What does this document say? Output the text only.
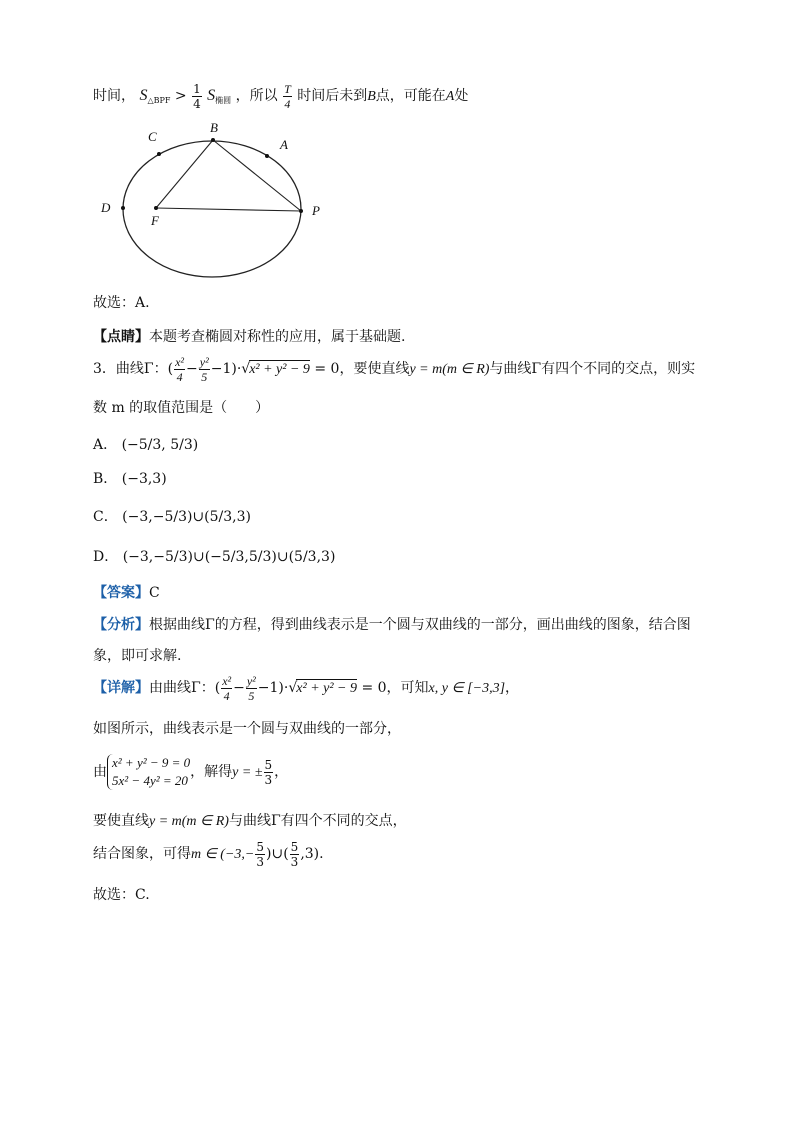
时间， $S_{\triangle BPF} > \frac{1}{4} S_{椭圆}$ ，所以 $\frac{T}{4}$ 时间后未到B点，可能在A处
B
C
A
D
F
P
故选：A.
【点睛】本题考查椭圆对称性的应用，属于基础题.
3．曲线Γ：( $\frac{\text{x²}}{4} - \frac{\text{y²}}{5} -1)\cdot√x^2 + y^2 - 9 = 0$，要使直线y = m(m ∈ R)与曲线Γ有四个不同的交点，则实
数 m 的取值范围是（　　）
A． (−5/3, 5/3)
B． (−3,3)
C． (−3,−5/3)∪(5/3,3)
D． (−3,−5/3)∪(−5/3,5/3)∪(5/3,3)
【答案】C
【分析】根据曲线Γ的方程，得到曲线表示是一个圆与双曲线的一部分，画出曲线的图象，结合图
象，即可求解.
【详解】由曲线Γ：( $\frac{\text{x²}}{4} - \frac{\text{y²}}{5} -1)\cdot√x^2 + y^2 - 9 = 0$，可知x, y ∈ [−3,3]，
如图所示，曲线表示是一个圆与双曲线的一部分，
由
x² + y² − 9 = 0
5x² − 4y² = 20
，解得y = ± $\frac{5}{3}$ ，
要使直线y = m(m ∈ R)与曲线Γ有四个不同的交点，
结合图象，可得m ∈ ($-3,- \frac{5}{3}$ )∪( $\frac{5}{3} ,3$).
故选：C.
